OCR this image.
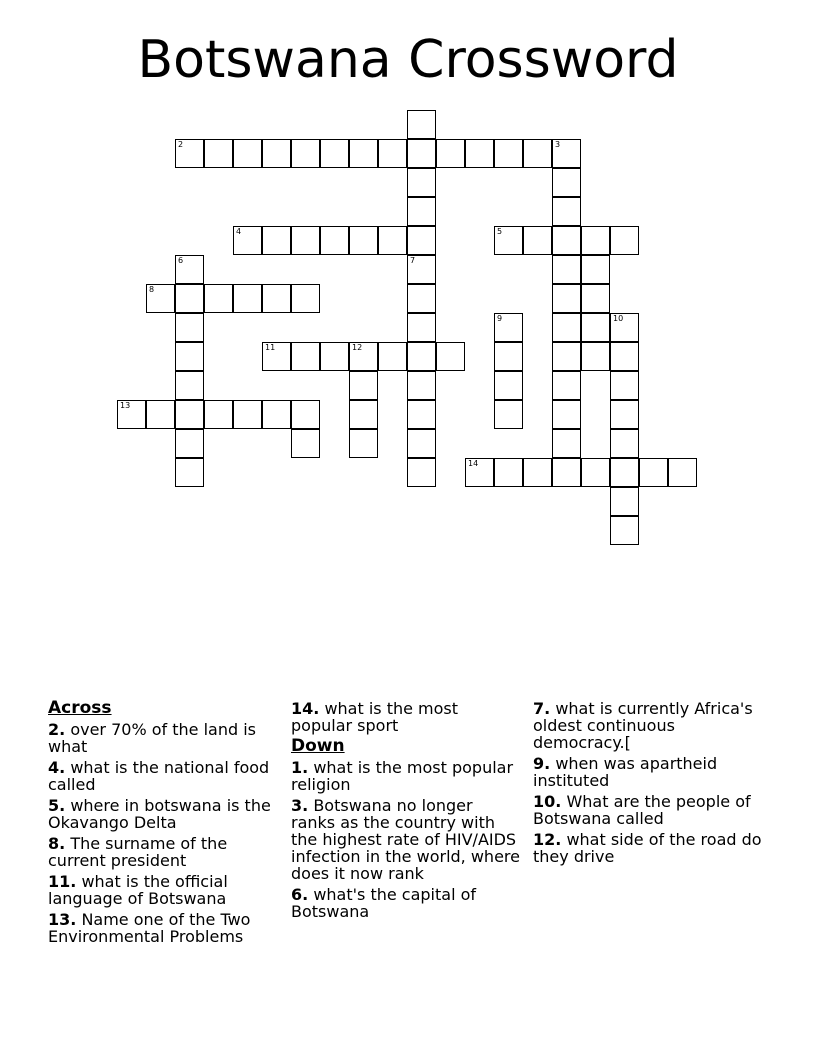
Botswana Crossword
2	3
4	5
6	7
8
9	10
11	12
13
14
Across
2. over 70% of the land is what
4. what is the national food called
5. where in botswana is the Okavango Delta
8. The surname of the current president
11. what is the official language of Botswana
13. Name one of the Two Environmental Problems
14. what is the most popular sport
Down
1. what is the most popular religion
3. Botswana no longer ranks as the country with the highest rate of HIV/AIDS infection in the world, where does it now rank
6. what's the capital of Botswana
7. what is currently Africa's oldest continuous democracy.[
9. when was apartheid instituted
10. What are the people of Botswana called
12. what side of the road do they drive
